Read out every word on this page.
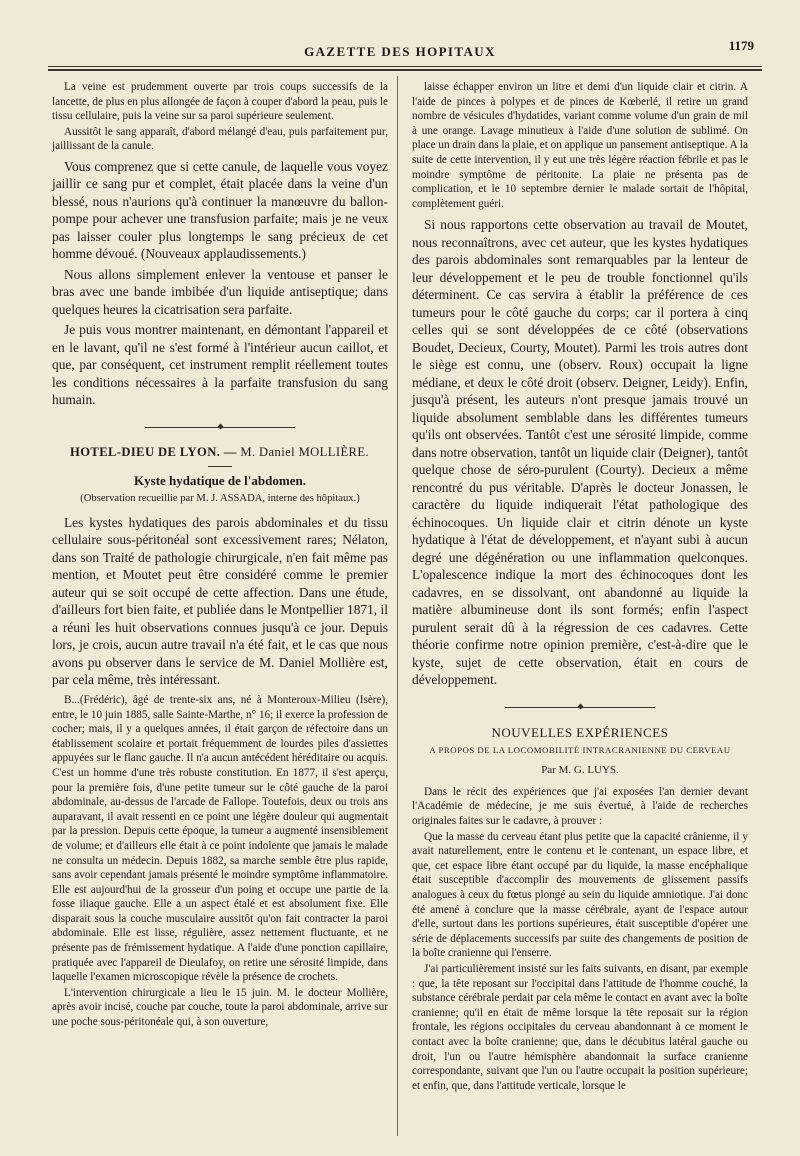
GAZETTE DES HOPITAUX	1179

La veine est prudemment ouverte par trois coups successifs de la lancette, de plus en plus allongée de façon à couper d'abord la peau, puis le tissu cellulaire, puis la veine sur sa paroi supérieure seulement.

Aussitôt le sang apparaît, d'abord mélangé d'eau, puis parfaitement pur, jaillissant de la canule.

Vous comprenez que si cette canule, de laquelle vous voyez jaillir ce sang pur et complet, était placée dans la veine d'un blessé, nous n'aurions qu'à continuer la manœuvre du ballon-pompe pour achever une transfusion parfaite; mais je ne veux pas laisser couler plus longtemps le sang précieux de cet homme dévoué. (Nouveaux applaudissements.)

Nous allons simplement enlever la ventouse et panser le bras avec une bande imbibée d'un liquide antiseptique; dans quelques heures la cicatrisation sera parfaite.

Je puis vous montrer maintenant, en démontant l'appareil et en le lavant, qu'il ne s'est formé à l'intérieur aucun caillot, et que, par conséquent, cet instrument remplit réellement toutes les conditions nécessaires à la parfaite transfusion du sang humain.

HOTEL-DIEU DE LYON. — M. Daniel MOLLIÈRE.
Kyste hydatique de l'abdomen.
(Observation recueillie par M. J. ASSADA, interne des hôpitaux.)

Les kystes hydatiques des parois abdominales et du tissu cellulaire sous-péritonéal sont excessivement rares; Nélaton, dans son Traité de pathologie chirurgicale, n'en fait même pas mention, et Moutet peut être considéré comme le premier auteur qui se soit occupé de cette affection. Dans une étude, d'ailleurs fort bien faite, et publiée dans le Montpellier 1871, il a réuni les huit observations connues jusqu'à ce jour. Depuis lors, je crois, aucun autre travail n'a été fait, et le cas que nous avons pu observer dans le service de M. Daniel Mollière est, par cela même, très intéressant.

B...(Frédéric), âgé de trente-six ans, né à Monteroux-Milieu (Isère), entre, le 10 juin 1885, salle Sainte-Marthe, n° 16; il exerce la profession de cocher; mais, il y a quelques années, il était garçon de réfectoire dans un établissement scolaire et portait fréquemment de lourdes piles d'assiettes appuyées sur le flanc gauche. Il n'a aucun antécédent héréditaire ou acquis. C'est un homme d'une très robuste constitution. En 1877, il s'est aperçu, pour la première fois, d'une petite tumeur sur le côté gauche de la paroi abdominale, au-dessus de l'arcade de Fallope. Toutefois, deux ou trois ans auparavant, il avait ressenti en ce point une légère douleur qui augmentait par la pression. Depuis cette époque, la tumeur a augmenté insensiblement de volume; et d'ailleurs elle était à ce point indolente que jamais le malade ne consulta un médecin. Depuis 1882, sa marche semble être plus rapide, sans avoir cependant jamais présenté le moindre symptôme inflammatoire. Elle est aujourd'hui de la grosseur d'un poing et occupe une partie de la fosse iliaque gauche. Elle a un aspect étalé et est absolument fixe. Elle disparait sous la couche musculaire aussitôt qu'on fait contracter la paroi abdominale. Elle est lisse, régulière, assez nettement fluctuante, et ne présente pas de frémissement hydatique. A l'aide d'une ponction capillaire, pratiquée avec l'appareil de Dieulafoy, on retire une sérosité limpide, dans laquelle l'examen microscopique révèle la présence de crochets.

L'intervention chirurgicale a lieu le 15 juin. M. le docteur Mollière, après avoir incisé, couche par couche, toute la paroi abdominale, arrive sur une poche sous-péritonéale qui, à son ouverture,

laisse échapper environ un litre et demi d'un liquide clair et citrin. A l'aide de pinces à polypes et de pinces de Kœberlé, il retire un grand nombre de vésicules d'hydatides, variant comme volume d'un grain de mil à une orange. Lavage minutieux à l'aide d'une solution de sublimé. On place un drain dans la plaie, et on applique un pansement antiseptique. A la suite de cette intervention, il y eut une très légère réaction fébrile et pas le moindre symptôme de péritonite. La plaie ne présenta pas de complication, et le 10 septembre dernier le malade sortait de l'hôpital, complètement guéri.

Si nous rapportons cette observation au travail de Moutet, nous reconnaîtrons, avec cet auteur, que les kystes hydatiques des parois abdominales sont remarquables par la lenteur de leur développement et le peu de trouble fonctionnel qu'ils déterminent. Ce cas servira à établir la préférence de ces tumeurs pour le côté gauche du corps; car il portera à cinq celles qui se sont développées de ce côté (observations Boudet, Decieux, Courty, Moutet). Parmi les trois autres dont le siège est connu, une (observ. Roux) occupait la ligne médiane, et deux le côté droit (observ. Deigner, Leidy). Enfin, jusqu'à présent, les auteurs n'ont presque jamais trouvé un liquide absolument semblable dans les différentes tumeurs qu'ils ont observées. Tantôt c'est une sérosité limpide, comme dans notre observation, tantôt un liquide clair (Deigner), tantôt quelque chose de séro-purulent (Courty). Decieux a même rencontré du pus véritable. D'après le docteur Jonassen, le caractère du liquide indiquerait l'état pathologique des échinocoques. Un liquide clair et citrin dénote un kyste hydatique à l'état de développement, et n'ayant subi à aucun degré une dégénération ou une inflammation quelconques. L'opalescence indique la mort des échinocoques dont les cadavres, en se dissolvant, ont abandonné au liquide la matière albumineuse dont ils sont formés; enfin l'aspect purulent serait dû à la régression de ces cadavres. Cette théorie confirme notre opinion première, c'est-à-dire que le kyste, sujet de cette observation, était en cours de développement.

NOUVELLES EXPÉRIENCES
A PROPOS DE LA LOCOMOBILITÉ INTRACRANIENNE DU CERVEAU
Par M. G. LUYS.

Dans le récit des expériences que j'ai exposées l'an dernier devant l'Académie de médecine, je me suis évertué, à l'aide de recherches originales faites sur le cadavre, à prouver :

Que la masse du cerveau étant plus petite que la capacité crânienne, il y avait naturellement, entre le contenu et le contenant, un espace libre, et que, cet espace libre étant occupé par du liquide, la masse encéphalique était susceptible d'accomplir des mouvements de glissement passifs analogues à ceux du fœtus plongé au sein du liquide amniotique. J'ai donc été amené à conclure que la masse cérébrale, ayant de l'espace autour d'elle, surtout dans les portions supérieures, était susceptible d'opérer une série de déplacements successifs par suite des changements de position de la boîte cranienne qui l'enserre.

J'ai particulièrement insisté sur les faits suivants, en disant, par exemple : que, la tête reposant sur l'occipital dans l'attitude de l'homme couché, la substance cérébrale perdait par cela même le contact en avant avec la boîte cranienne; qu'il en était de même lorsque la tête reposait sur la région frontale, les régions occipitales du cerveau abandonnant à ce moment le contact avec la boîte cranienne; que, dans le décubitus latéral gauche ou droit, l'un ou l'autre hémisphère abandonnait la surface cranienne correspondante, suivant que l'un ou l'autre occupait la position supérieure; et enfin, que, dans l'attitude verticale, lorsque le
